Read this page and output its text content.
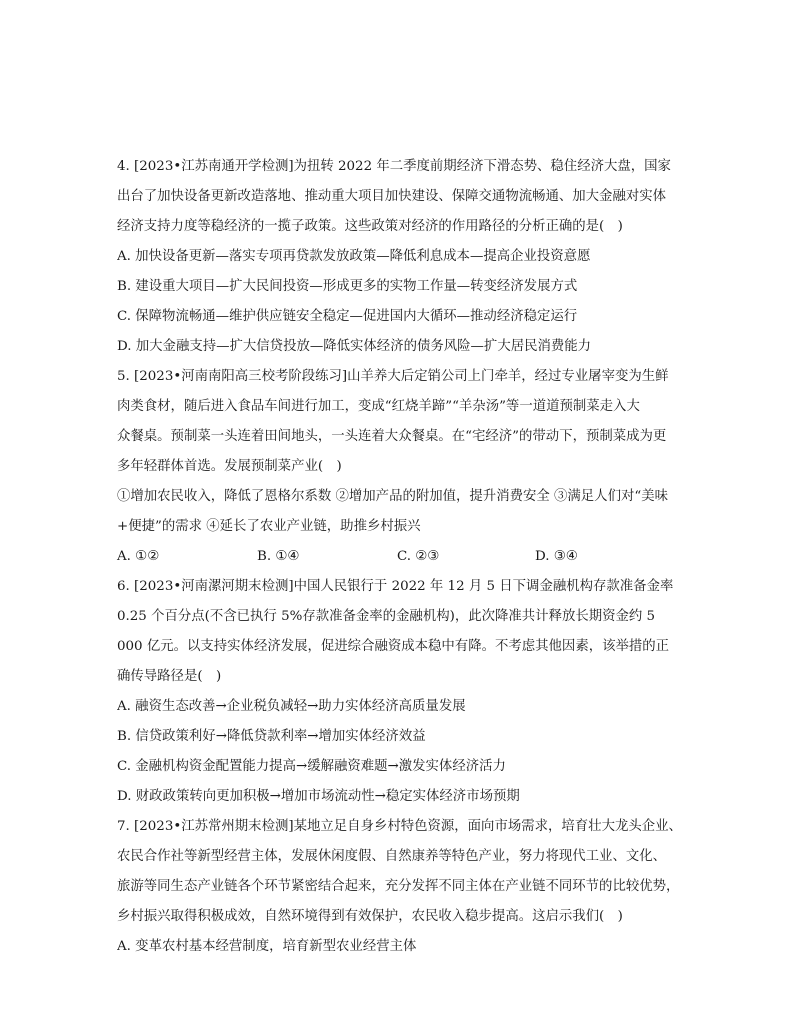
4. [2023•江苏南通开学检测]为扭转 2022 年二季度前期经济下滑态势、稳住经济大盘，国家
出台了加快设备更新改造落地、推动重大项目加快建设、保障交通物流畅通、加大金融对实体
经济支持力度等稳经济的一揽子政策。这些政策对经济的作用路径的分析正确的是(　)
A. 加快设备更新—落实专项再贷款发放政策—降低利息成本—提高企业投资意愿
B. 建设重大项目—扩大民间投资—形成更多的实物工作量—转变经济发展方式
C. 保障物流畅通—维护供应链安全稳定—促进国内大循环—推动经济稳定运行
D. 加大金融支持—扩大信贷投放—降低实体经济的债务风险—扩大居民消费能力
5. [2023•河南南阳高三校考阶段练习]山羊养大后定销公司上门牵羊，经过专业屠宰变为生鲜
肉类食材，随后进入食品车间进行加工，变成“红烧羊蹄”“羊杂汤”等一道道预制菜走入大
众餐桌。预制菜一头连着田间地头，一头连着大众餐桌。在“宅经济”的带动下，预制菜成为更
多年轻群体首选。发展预制菜产业(　)
①增加农民收入，降低了恩格尔系数 ②增加产品的附加值，提升消费安全 ③满足人们对“美味
+便捷”的需求 ④延长了农业产业链，助推乡村振兴
A. ①②	B. ①④	C. ②③	D. ③④
6. [2023•河南漯河期末检测]中国人民银行于 2022 年 12 月 5 日下调金融机构存款准备金率
0.25 个百分点(不含已执行 5%存款准备金率的金融机构)，此次降准共计释放长期资金约 5
000 亿元。以支持实体经济发展，促进综合融资成本稳中有降。不考虑其他因素，该举措的正
确传导路径是(　)
A. 融资生态改善→企业税负减轻→助力实体经济高质量发展
B. 信贷政策利好→降低贷款利率→增加实体经济效益
C. 金融机构资金配置能力提高→缓解融资难题→激发实体经济活力
D. 财政政策转向更加积极→增加市场流动性→稳定实体经济市场预期
7. [2023•江苏常州期末检测]某地立足自身乡村特色资源，面向市场需求，培育壮大龙头企业、
农民合作社等新型经营主体，发展休闲度假、自然康养等特色产业，努力将现代工业、文化、
旅游等同生态产业链各个环节紧密结合起来，充分发挥不同主体在产业链不同环节的比较优势，
乡村振兴取得积极成效，自然环境得到有效保护，农民收入稳步提高。这启示我们(　)
A. 变革农村基本经营制度，培育新型农业经营主体
